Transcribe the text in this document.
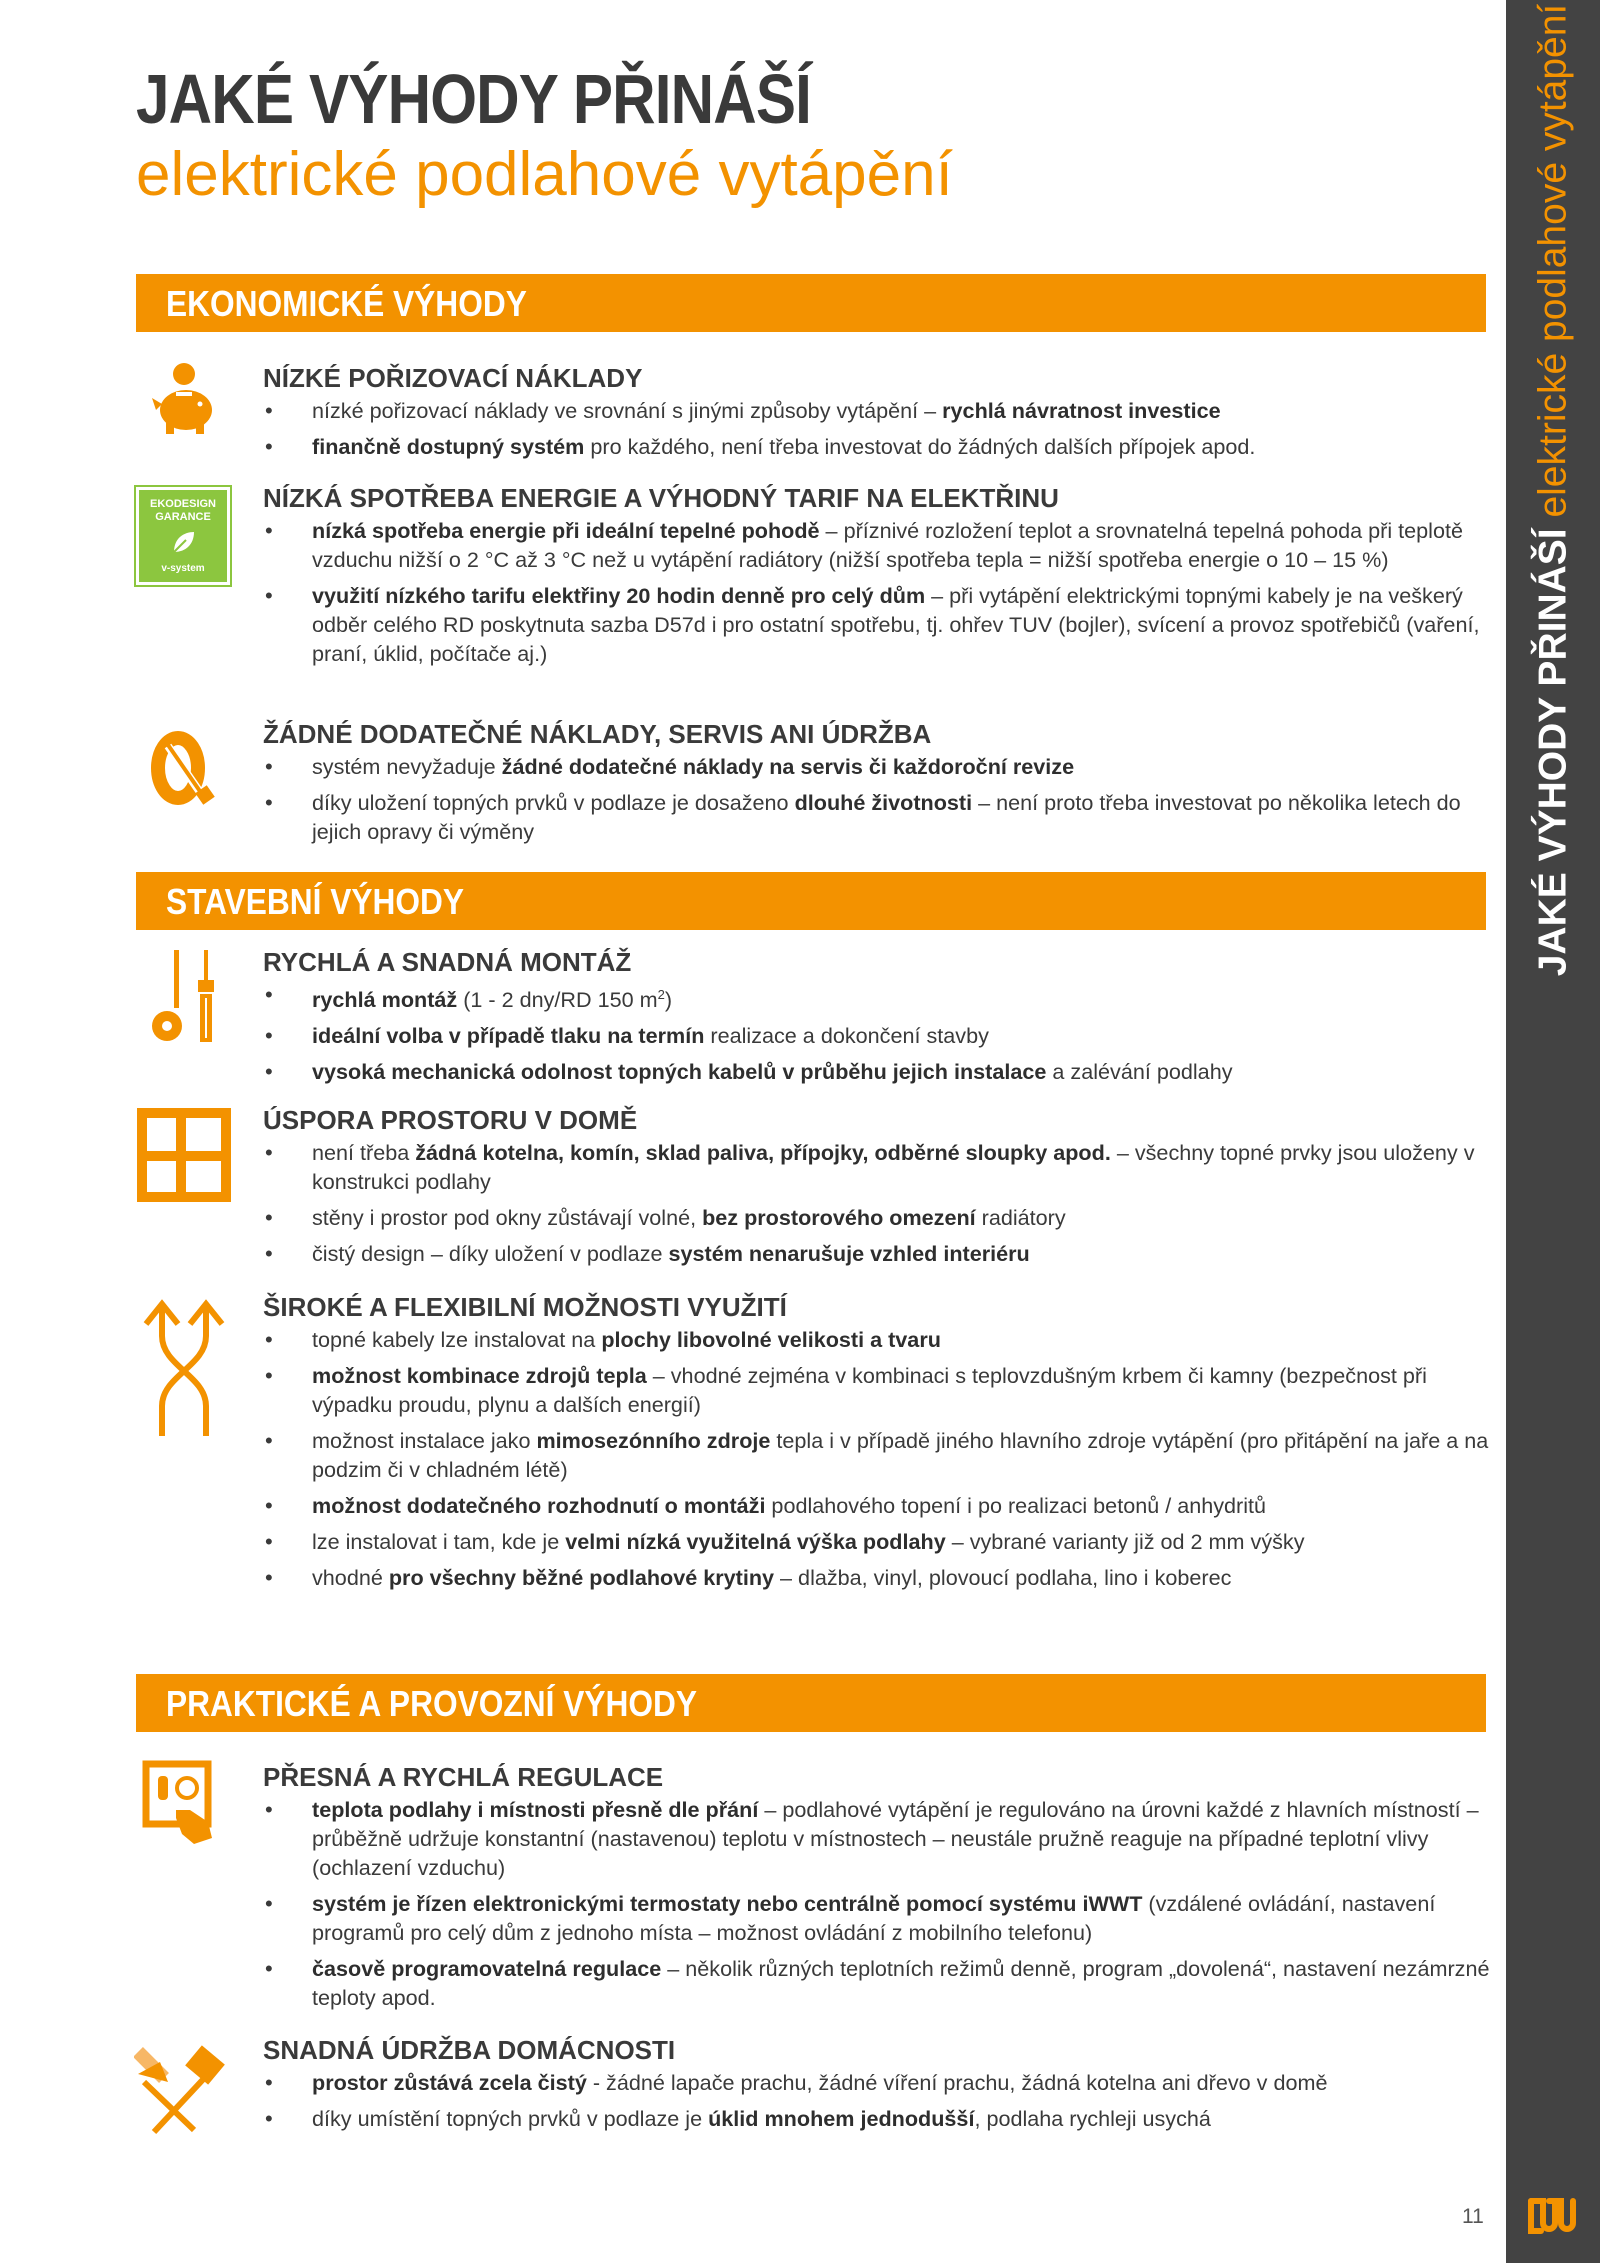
JAKÉ VÝHODY PŘINÁŠÍ elektrické podlahové vytápění
11
JAKÉ VÝHODY PŘINÁŠÍ
elektrické podlahové vytápění
EKONOMICKÉ VÝHODY
STAVEBNÍ VÝHODY
PRAKTICKÉ A PROVOZNÍ VÝHODY
EKODESIGN
GARANCE
v-system
NÍZKÉ POŘIZOVACÍ NÁKLADY
• nízké pořizovací náklady ve srovnání s jinými způsoby vytápění – rychlá návratnost investice
• finančně dostupný systém pro každého, není třeba investovat do žádných dalších přípojek apod.
NÍZKÁ SPOTŘEBA ENERGIE A VÝHODNÝ TARIF NA ELEKTŘINU
• nízká spotřeba energie při ideální tepelné pohodě – příznivé rozložení teplot a srovnatelná tepelná pohoda při teplotě vzduchu nižší o 2 °C až 3 °C než u vytápění radiátory (nižší spotřeba tepla = nižší spotřeba energie o 10 – 15 %)
• využití nízkého tarifu elektřiny 20 hodin denně pro celý dům – při vytápění elektrickými topnými kabely je na veškerý odběr celého RD poskytnuta sazba D57d i pro ostatní spotřebu, tj. ohřev TUV (bojler), svícení a provoz spotřebičů (vaření, praní, úklid, počítače aj.)
ŽÁDNÉ DODATEČNÉ NÁKLADY, SERVIS ANI ÚDRŽBA
• systém nevyžaduje žádné dodatečné náklady na servis či každoroční revize
• díky uložení topných prvků v podlaze je dosaženo dlouhé životnosti – není proto třeba investovat po několika letech do jejich opravy či výměny
RYCHLÁ A SNADNÁ MONTÁŽ
• rychlá montáž (1 - 2 dny/RD 150 $m^2$)
• ideální volba v případě tlaku na termín realizace a dokončení stavby
• vysoká mechanická odolnost topných kabelů v průběhu jejich instalace a zalévání podlahy
ÚSPORA PROSTORU V DOMĚ
• není třeba žádná kotelna, komín, sklad paliva, přípojky, odběrné sloupky apod. – všechny topné prvky jsou uloženy v konstrukci podlahy
• stěny i prostor pod okny zůstávají volné, bez prostorového omezení radiátory
• čistý design – díky uložení v podlaze systém nenarušuje vzhled interiéru
ŠIROKÉ A FLEXIBILNÍ MOŽNOSTI VYUŽITÍ
• topné kabely lze instalovat na plochy libovolné velikosti a tvaru
• možnost kombinace zdrojů tepla – vhodné zejména v kombinaci s teplovzdušným krbem či kamny (bezpečnost při výpadku proudu, plynu a dalších energií)
• možnost instalace jako mimosezónního zdroje tepla i v případě jiného hlavního zdroje vytápění (pro přitápění na jaře a na podzim či v chladném létě)
• možnost dodatečného rozhodnutí o montáži podlahového topení i po realizaci betonů / anhydritů
• lze instalovat i tam, kde je velmi nízká využitelná výška podlahy – vybrané varianty již od 2 mm výšky
• vhodné pro všechny běžné podlahové krytiny – dlažba, vinyl, plovoucí podlaha, lino i koberec
PŘESNÁ A RYCHLÁ REGULACE
• teplota podlahy i místnosti přesně dle přání – podlahové vytápění je regulováno na úrovni každé z hlavních místností – průběžně udržuje konstantní (nastavenou) teplotu v místnostech – neustále pružně reaguje na případné teplotní vlivy (ochlazení vzduchu)
• systém je řízen elektronickými termostaty nebo centrálně pomocí systému iWWT (vzdálené ovládání, nastavení programů pro celý dům z jednoho místa – možnost ovládání z mobilního telefonu)
• časově programovatelná regulace – několik různých teplotních režimů denně, program „dovolená“, nastavení nezámrzné teploty apod.
SNADNÁ ÚDRŽBA DOMÁCNOSTI
• prostor zůstává zcela čistý - žádné lapače prachu, žádné víření prachu, žádná kotelna ani dřevo v domě
• díky umístění topných prvků v podlaze je úklid mnohem jednodušší, podlaha rychleji usychá
